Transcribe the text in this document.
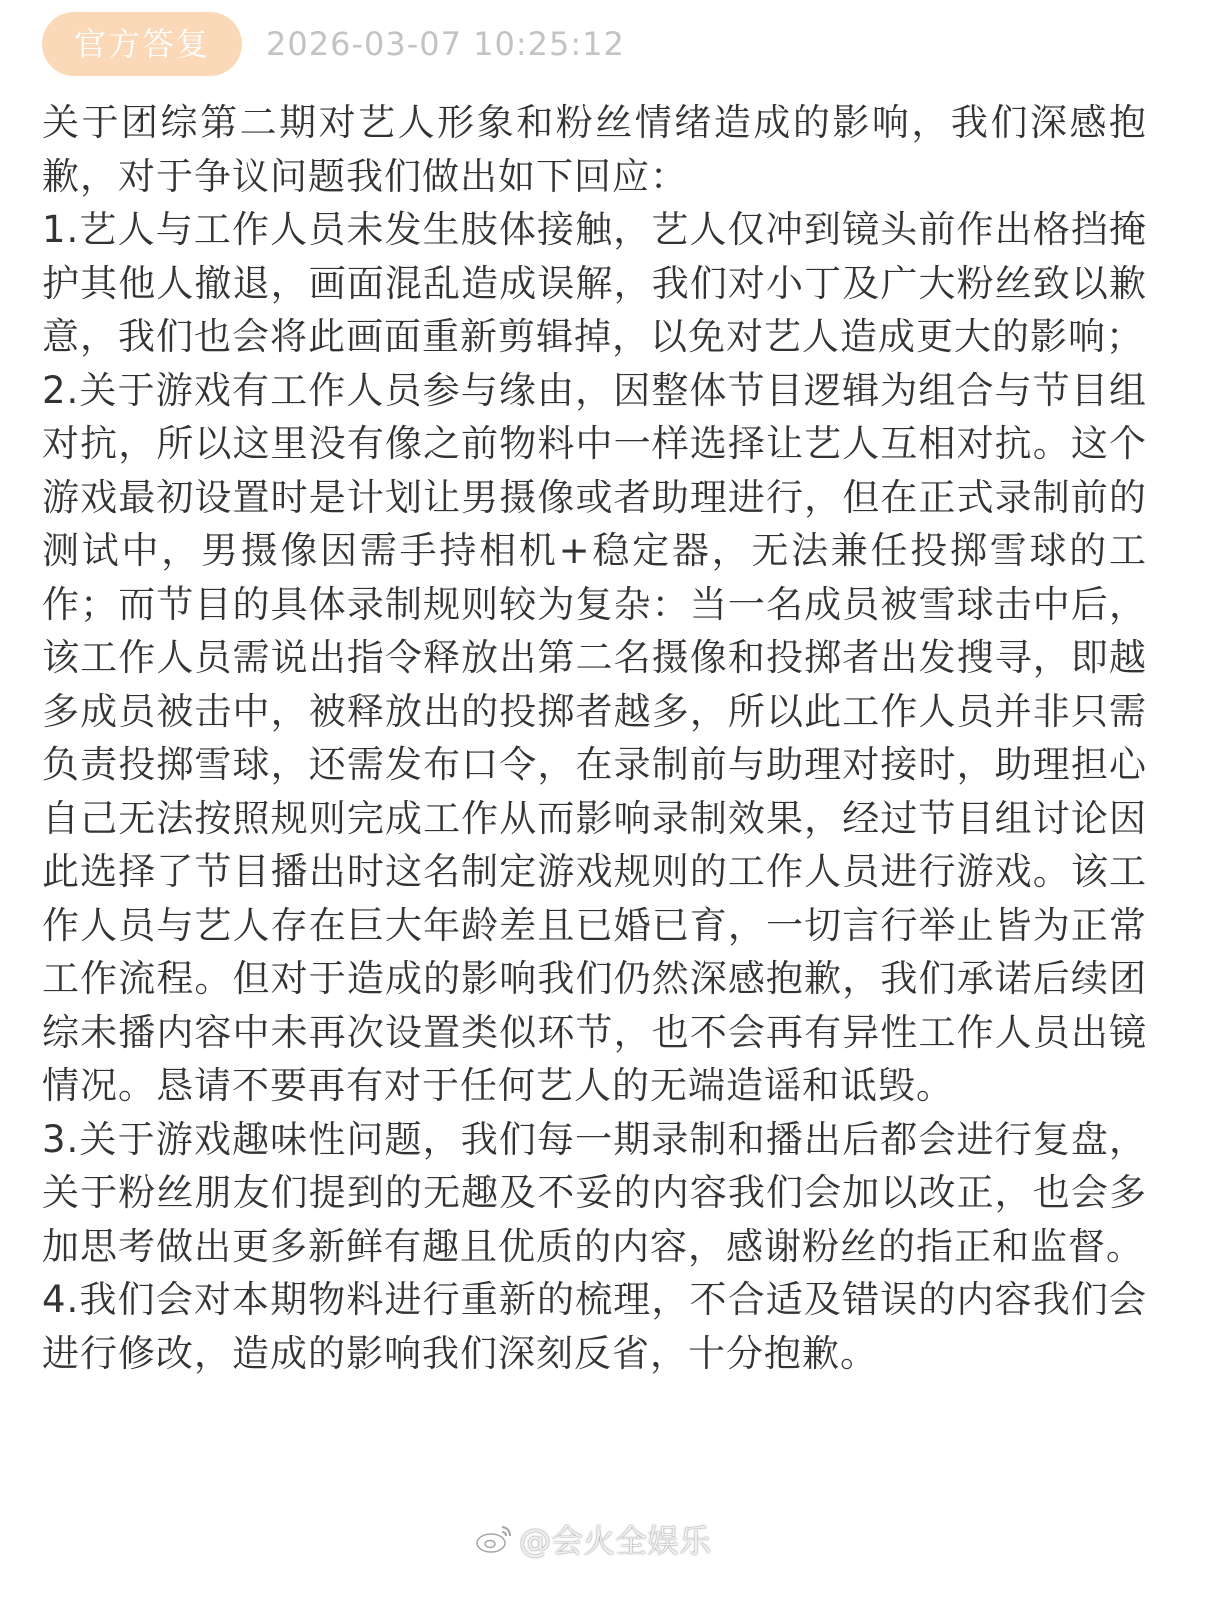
官方答复	2026-03-07 10:25:12

关于团综第二期对艺人形象和粉丝情绪造成的影响，我们深感抱歉，对于争议问题我们做出如下回应：

1.艺人与工作人员未发生肢体接触，艺人仅冲到镜头前作出格挡掩护其他人撤退，画面混乱造成误解，我们对小丁及广大粉丝致以歉意，我们也会将此画面重新剪辑掉，以免对艺人造成更大的影响；

2.关于游戏有工作人员参与缘由，因整体节目逻辑为组合与节目组对抗，所以这里没有像之前物料中一样选择让艺人互相对抗。这个游戏最初设置时是计划让男摄像或者助理进行，但在正式录制前的测试中，男摄像因需手持相机+稳定器，无法兼任投掷雪球的工作；而节目的具体录制规则较为复杂：当一名成员被雪球击中后，该工作人员需说出指令释放出第二名摄像和投掷者出发搜寻，即越多成员被击中，被释放出的投掷者越多，所以此工作人员并非只需负责投掷雪球，还需发布口令，在录制前与助理对接时，助理担心自己无法按照规则完成工作从而影响录制效果，经过节目组讨论因此选择了节目播出时这名制定游戏规则的工作人员进行游戏。该工作人员与艺人存在巨大年龄差且已婚已育，一切言行举止皆为正常工作流程。但对于造成的影响我们仍然深感抱歉，我们承诺后续团综未播内容中未再次设置类似环节，也不会再有异性工作人员出镜情况。恳请不要再有对于任何艺人的无端造谣和诋毁。

3.关于游戏趣味性问题，我们每一期录制和播出后都会进行复盘，关于粉丝朋友们提到的无趣及不妥的内容我们会加以改正，也会多加思考做出更多新鲜有趣且优质的内容，感谢粉丝的指正和监督。

4.我们会对本期物料进行重新的梳理，不合适及错误的内容我们会进行修改，造成的影响我们深刻反省，十分抱歉。

@会火全娱乐
